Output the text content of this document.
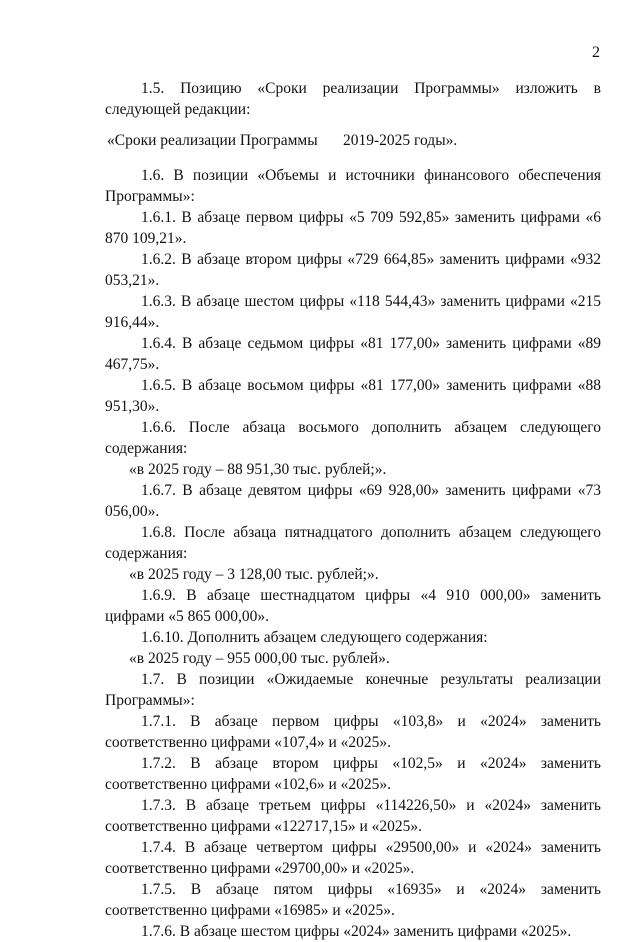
2

1.5. Позицию «Сроки реализации Программы» изложить в следующей редакции:

«Сроки реализации Программы	2019-2025 годы».

1.6. В позиции «Объемы и источники финансового обеспечения Программы»:

1.6.1. В абзаце первом цифры «5 709 592,85» заменить цифрами «6 870 109,21».

1.6.2. В абзаце втором цифры «729 664,85» заменить цифрами «932 053,21».

1.6.3. В абзаце шестом цифры «118 544,43» заменить цифрами «215 916,44».

1.6.4. В абзаце седьмом цифры «81 177,00» заменить цифрами «89 467,75».

1.6.5. В абзаце восьмом цифры «81 177,00» заменить цифрами «88 951,30».

1.6.6. После абзаца восьмого дополнить абзацем следующего содержания:

«в 2025 году – 88 951,30 тыс. рублей;».

1.6.7. В абзаце девятом цифры «69 928,00» заменить цифрами «73 056,00».

1.6.8. После абзаца пятнадцатого дополнить абзацем следующего содержания:

«в 2025 году – 3 128,00 тыс. рублей;».

1.6.9. В абзаце шестнадцатом цифры «4 910 000,00» заменить цифрами «5 865 000,00».

1.6.10. Дополнить абзацем следующего содержания:

«в 2025 году – 955 000,00 тыс. рублей».

1.7. В позиции «Ожидаемые конечные результаты реализации Программы»:

1.7.1. В абзаце первом цифры «103,8» и «2024» заменить соответственно цифрами «107,4» и «2025».

1.7.2. В абзаце втором цифры «102,5» и «2024» заменить соответственно цифрами «102,6» и «2025».

1.7.3. В абзаце третьем цифры «114226,50» и «2024» заменить соответственно цифрами «122717,15» и «2025».

1.7.4. В абзаце четвертом цифры «29500,00» и «2024» заменить соответственно цифрами «29700,00» и «2025».

1.7.5. В абзаце пятом цифры «16935» и «2024» заменить соответственно цифрами «16985» и «2025».

1.7.6. В абзаце шестом цифры «2024» заменить цифрами «2025».
